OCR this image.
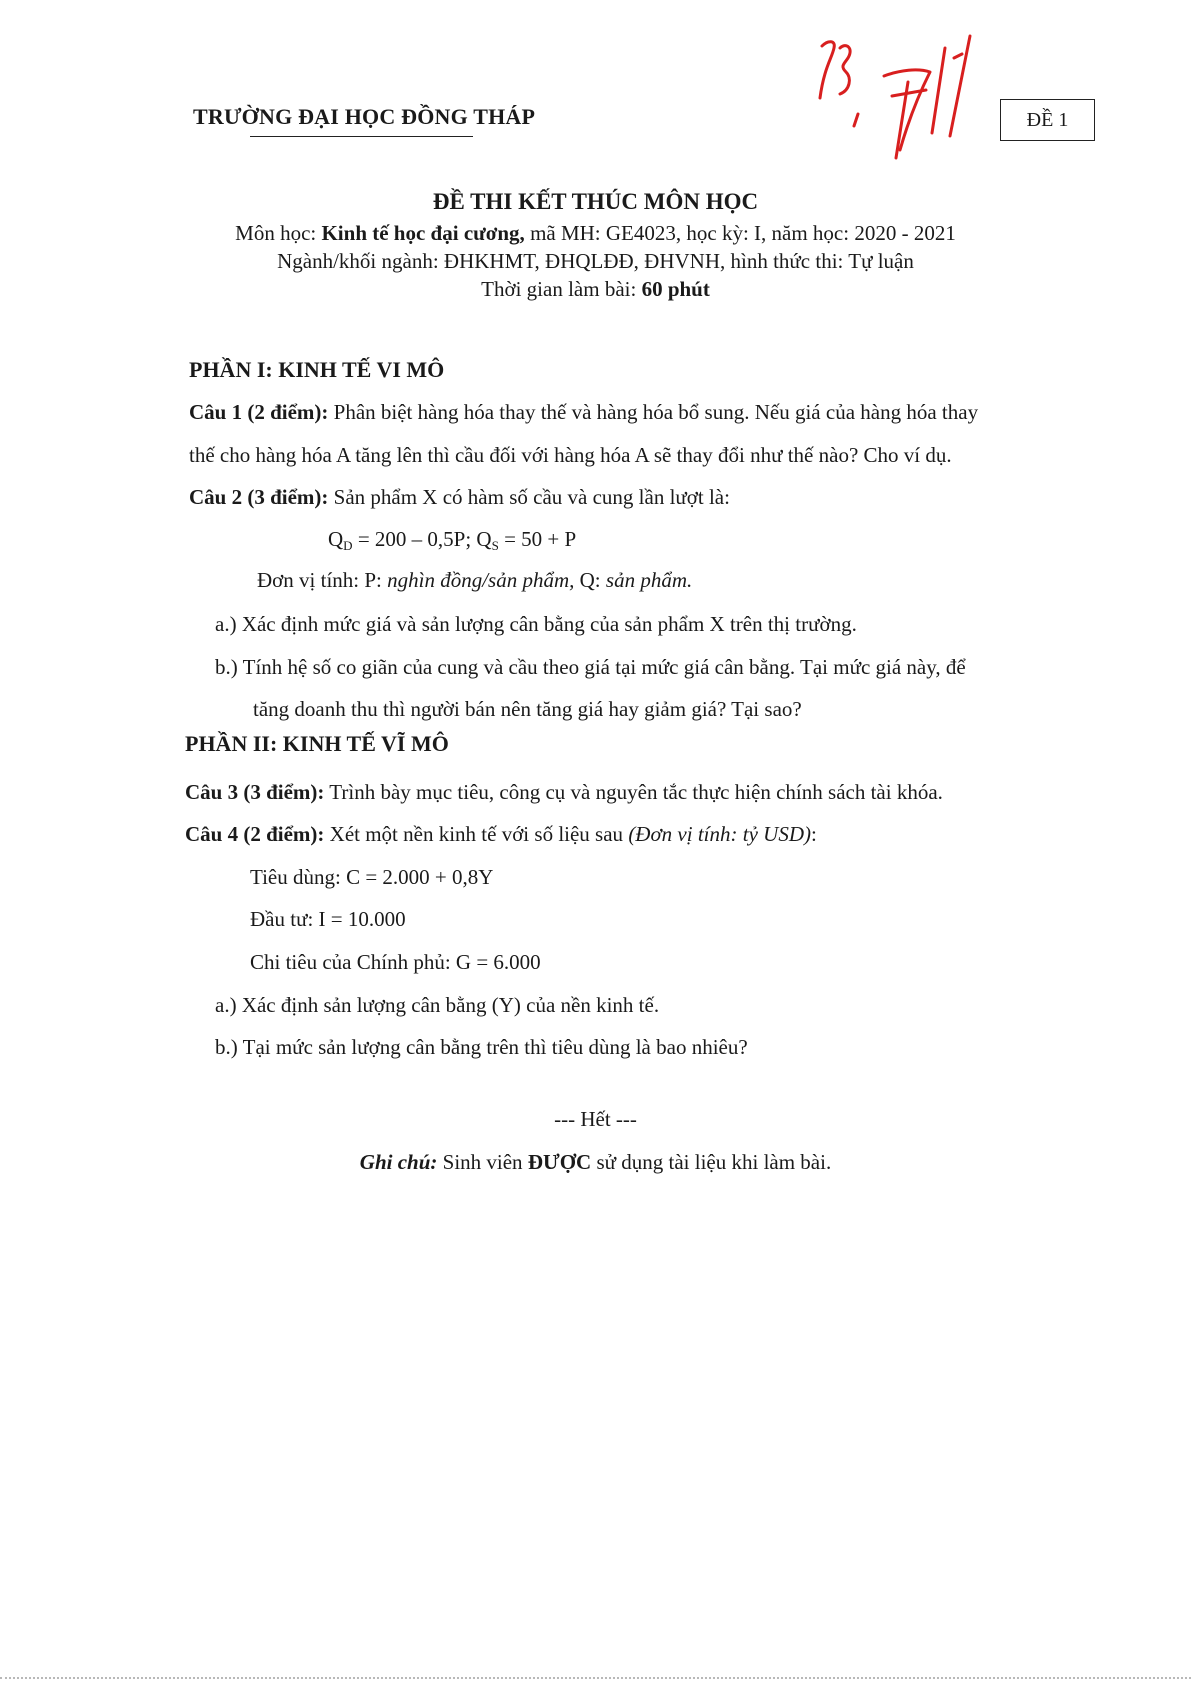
TRƯỜNG ĐẠI HỌC ĐỒNG THÁP	ĐỀ 1
ĐỀ THI KẾT THÚC MÔN HỌC
Môn học: Kinh tế học đại cương, mã MH: GE4023, học kỳ: I, năm học: 2020 - 2021
Ngành/khối ngành: ĐHKHMT, ĐHQLĐĐ, ĐHVNH, hình thức thi: Tự luận
Thời gian làm bài: 60 phút
PHẦN I: KINH TẾ VI MÔ
Câu 1 (2 điểm): Phân biệt hàng hóa thay thế và hàng hóa bổ sung. Nếu giá của hàng hóa thay
thế cho hàng hóa A tăng lên thì cầu đối với hàng hóa A sẽ thay đổi như thế nào? Cho ví dụ.
Câu 2 (3 điểm): Sản phẩm X có hàm số cầu và cung lần lượt là:
$Q_D = 200 - 0,5P$; $Q_S = 50 + P$
Đơn vị tính: P: nghìn đồng/sản phẩm, Q: sản phẩm.
a.) Xác định mức giá và sản lượng cân bằng của sản phẩm X trên thị trường.
b.) Tính hệ số co giãn của cung và cầu theo giá tại mức giá cân bằng. Tại mức giá này, để
tăng doanh thu thì người bán nên tăng giá hay giảm giá? Tại sao?
PHẦN II: KINH TẾ VĨ MÔ
Câu 3 (3 điểm): Trình bày mục tiêu, công cụ và nguyên tắc thực hiện chính sách tài khóa.
Câu 4 (2 điểm): Xét một nền kinh tế với số liệu sau (Đơn vị tính: tỷ USD):
Tiêu dùng: C = 2.000 + 0,8Y
Đầu tư: I = 10.000
Chi tiêu của Chính phủ: G = 6.000
a.) Xác định sản lượng cân bằng (Y) của nền kinh tế.
b.) Tại mức sản lượng cân bằng trên thì tiêu dùng là bao nhiêu?
--- Hết ---
Ghi chú: Sinh viên ĐƯỢC sử dụng tài liệu khi làm bài.
